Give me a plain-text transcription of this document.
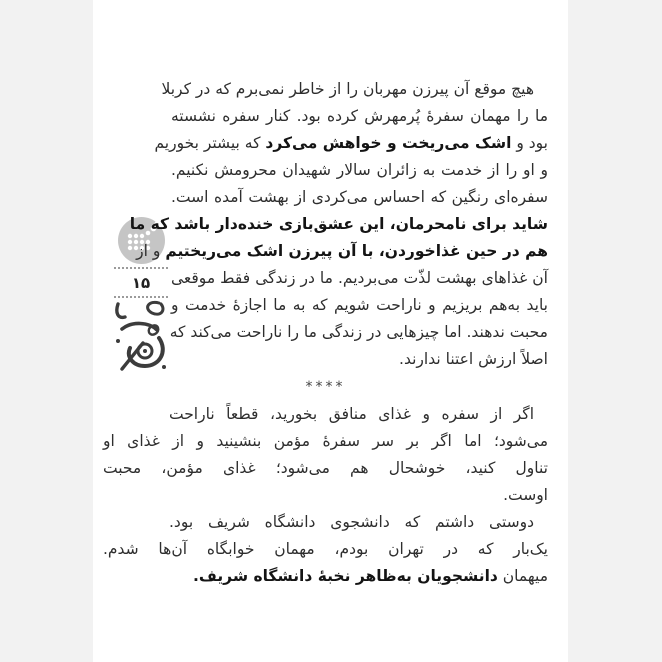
۱۵
هیچ موقع آن پیرزن مهربان را از خاطر نمی‌برم که در کربلا
ما را مهمان سفرهٔ پُرمهرش کرده بود. کنار سفره نشسته
بود و اشک می‌ریخت و خواهش می‌کرد که بیشتر بخوریم
و او را از خدمت به زائران سالار شهیدان محرومش نکنیم.
سفره‌ای رنگین که احساس می‌کردی از بهشت آمده است.
شاید برای نامحرمان، این عشق‌بازی خنده‌دار باشد که ما
هم در حین غذاخوردن، با آن پیرزن اشک می‌ریختیم و از
آن غذاهای بهشت لذّت می‌بردیم. ما در زندگی فقط موقعی
باید به‌هم بریزیم و ناراحت شویم که به ما اجازهٔ خدمت و
محبت ندهند. اما چیزهایی در زندگی ما را ناراحت می‌کند که
اصلاً ارزش اعتنا ندارند.
****
اگر از سفره و غذای منافق بخورید، قطعاً ناراحت
می‌شود؛ اما اگر بر سر سفرهٔ مؤمن بنشینید و از غذای او
تناول کنید، خوشحال هم می‌شود؛ غذای مؤمن، محبت
اوست.
دوستی داشتم که دانشجوی دانشگاه شریف بود.
یک‌بار که در تهران بودم، مهمان خوابگاه آن‌ها شدم.
میهمان دانشجویان به‌ظاهر نخبهٔ دانشگاه شریف.
